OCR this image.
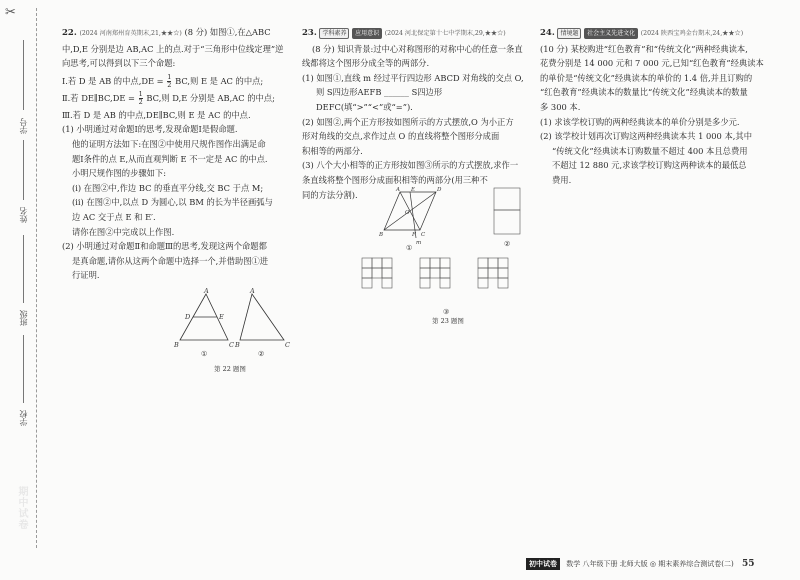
✂
学号
姓名
班级
学校
期中试卷

22. (2024 河南郑州育英期末,21,★★☆) (8 分) 如图①,在△ABC

中,D,E 分别是边 AB,AC 上的点.对于“三角形中位线定理”逆

向思考,可以得到以下三个命题:

Ⅰ.若 D 是 AB 的中点$,DE = \frac{1}{2}$ BC,则 E 是 AC 的中点;

Ⅱ.若 DE∥BC,DE = $\frac{1}{2}$ BC,则 D,E 分别是 AB,AC 的中点;

Ⅲ.若 D 是 AB 的中点,DE∥BC,则 E 是 AC 的中点.

(1) 小明通过对命题Ⅰ的思考,发现命题Ⅰ是假命题.

他的证明方法如下:在图②中使用尺规作图作出满足命

题Ⅰ条件的点 E,从而直观判断 E 不一定是 AC 的中点.

小明尺规作图的步骤如下:

(ⅰ) 在图②中,作边 BC 的垂直平分线,交 BC 于点 M;

(ⅱ) 在图②中,以点 D 为圆心,以 BM 的长为半径画弧与

边 AC 交于点 E 和 E′.

请你在图②中完成以上作图.

(2) 小明通过对命题Ⅱ和命题Ⅲ的思考,发现这两个命题都

是真命题,请你从这两个命题中选择一个,并借助图①进

行证明.

A
D	E
B	C
A
B	C
①	②
第 22 题图

23. 学科素养 应用意识 (2024 河北保定第十七中学期末,29,★★☆)

(8 分) 知识背景:过中心对称图形的对称中心的任意一条直

线都将这个图形分成全等的两部分.

(1) 如图①,直线 m 经过平行四边形 ABCD 对角线的交点 O,

则 S四边形AEFB ______ S四边形DEFC(填“>”“<”或“=”).

(2) 如图②,两个正方形按如图所示的方式摆放,O 为小正方

形对角线的交点,求作过点 O 的直线将整个图形分成面

积相等的两部分.

(3) 八个大小相等的正方形按如图③所示的方式摆放,求作一

条直线将整个图形分成面积相等的两部分(用三种不

同的方法分割).	A E	D
O
B	F C
m
①	②
③
第 23 题图

24. 情境题 社会主义先进文化 (2024 陕西宝鸡金台期末,24,★★☆)

(10 分) 某校购进“红色教育”和“传统文化”两种经典读本,

花费分别是 14 000 元和 7 000 元,已知“红色教育”经典读本

的单价是“传统文化”经典读本的单价的 1.4 倍,并且订购的

“红色教育”经典读本的数量比“传统文化”经典读本的数量

多 300 本.

(1) 求该学校订购的两种经典读本的单价分别是多少元.

(2) 该学校计划再次订购这两种经典读本共 1 000 本,其中

“传统文化”经典读本订购数量不超过 400 本且总费用

不超过 12 880 元,求该学校订购这两种读本的最低总

费用.

初中试卷 数学 八年级下册 北师大版 ◎ 期末素养综合测试卷(二) 55
